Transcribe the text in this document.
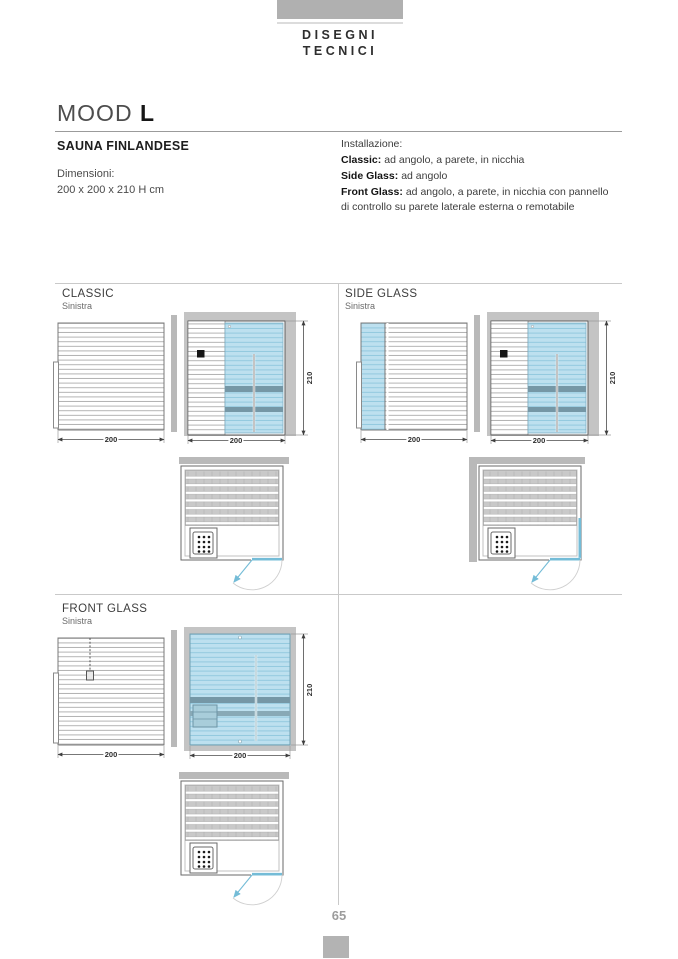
DISEGNI
TECNICI
MOOD L
SAUNA FINLANDESE
Dimensioni:
200 x 200 x 210 H cm
Installazione:
Classic: ad angolo, a parete, in nicchia
Side Glass: ad angolo
Front Glass: ad angolo, a parete, in nicchia con pannello di controllo su parete laterale esterna o remotabile
CLASSIC
Sinistra
200
210
200
SIDE GLASS
Sinistra
200
210
200
FRONT GLASS
Sinistra
200
210
200
65
